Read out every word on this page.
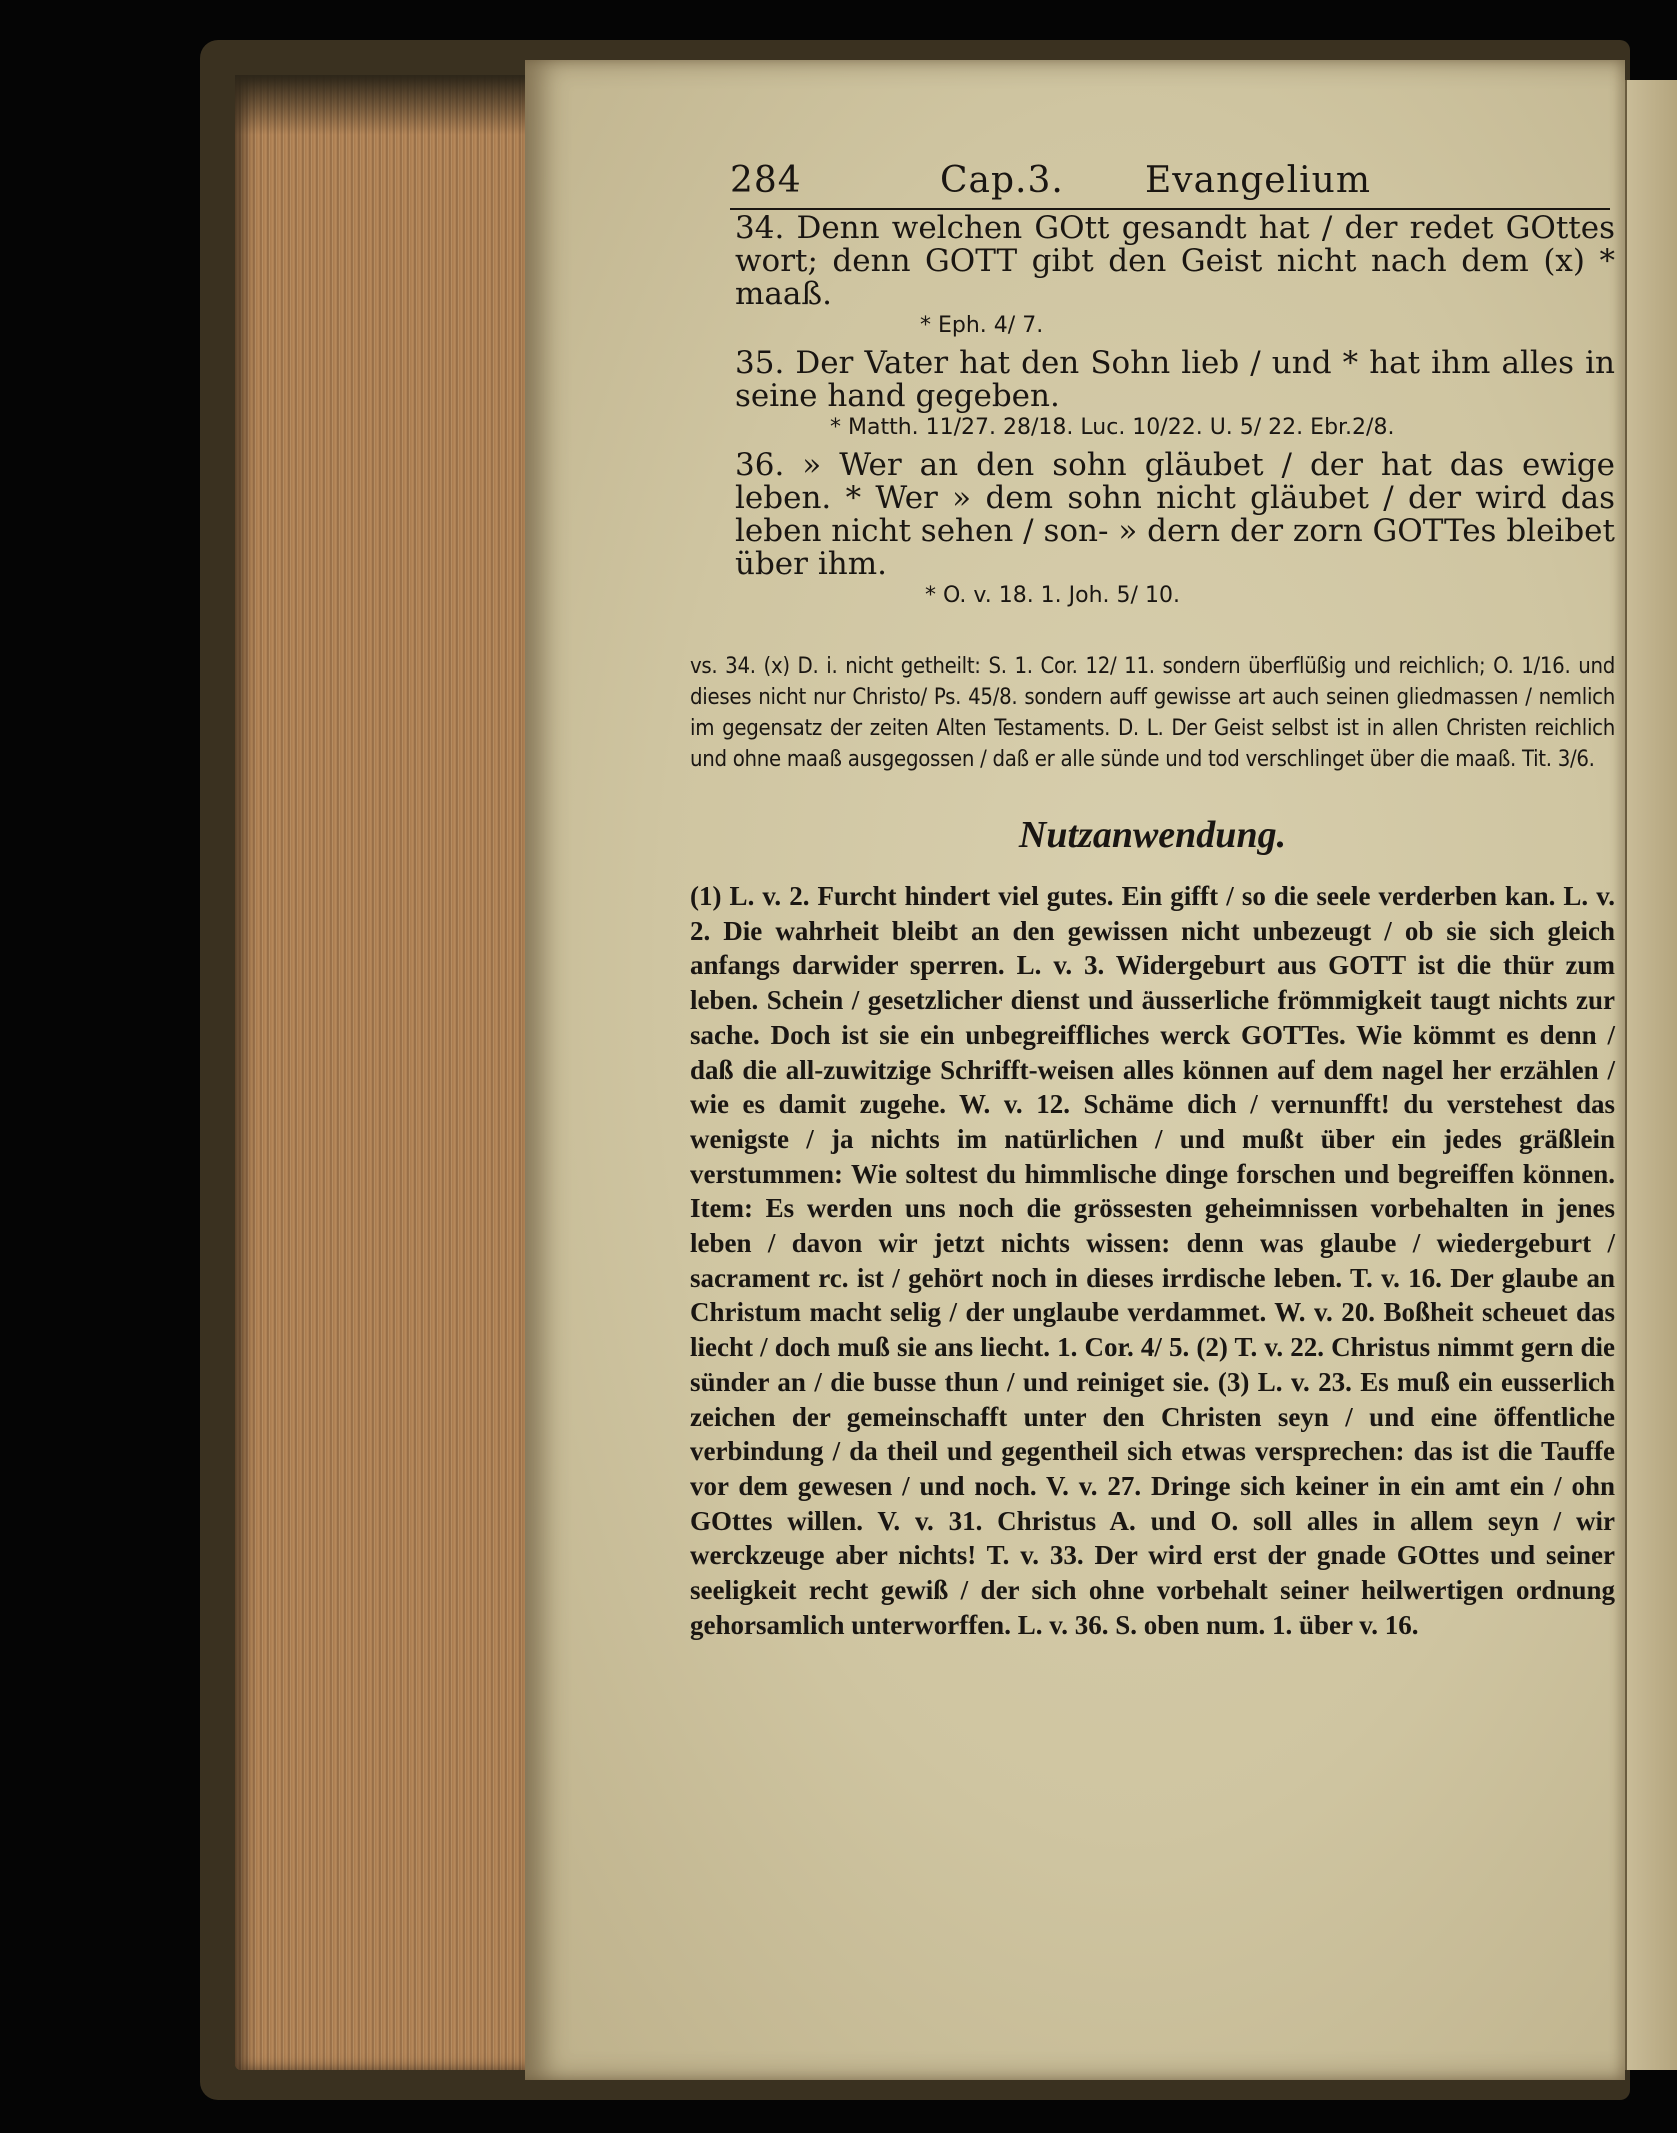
284	Cap.3. Evangelium

34. Denn welchen GOtt gesandt hat / der redet GOttes wort; denn GOTT gibt den Geist nicht nach dem (x) * maaß.

* Eph. 4/ 7.

35. Der Vater hat den Sohn lieb / und * hat ihm alles in seine hand gegeben.

* Matth. 11/27. 28/18. Luc. 10/22. U. 5/ 22. Ebr.2/8.

36. » Wer an den sohn gläubet / der hat das ewige leben. * Wer » dem sohn nicht gläubet / der wird das leben nicht sehen / son- » dern der zorn GOTTes bleibet über ihm.

* O. v. 18. 1. Joh. 5/ 10.

vs. 34. (x) D. i. nicht getheilt: S. 1. Cor. 12/ 11. sondern überflüßig und reichlich; O. 1/16. und dieses nicht nur Christo/ Ps. 45/8. sondern auff gewisse art auch seinen gliedmassen / nemlich im gegensatz der zeiten Alten Testaments. D. L. Der Geist selbst ist in allen Christen reichlich und ohne maaß ausgegossen / daß er alle sünde und tod verschlinget über die maaß. Tit. 3/6.
Nutzanwendung.
(1) L. v. 2. Furcht hindert viel gutes. Ein gifft / so die seele verderben kan. L. v. 2. Die wahrheit bleibt an den gewissen nicht unbezeugt / ob sie sich gleich anfangs darwider sperren. L. v. 3. Widergeburt aus GOTT ist die thür zum leben. Schein / gesetzlicher dienst und äusserliche frömmigkeit taugt nichts zur sache. Doch ist sie ein unbegreiffliches werck GOTTes. Wie kömmt es denn / daß die all-zuwitzige Schrifft-weisen alles können auf dem nagel her erzählen / wie es damit zugehe. W. v. 12. Schäme dich / vernunfft! du verstehest das wenigste / ja nichts im natürlichen / und mußt über ein jedes gräßlein verstummen: Wie soltest du himmlische dinge forschen und begreiffen können. Item: Es werden uns noch die grössesten geheimnissen vorbehalten in jenes leben / davon wir jetzt nichts wissen: denn was glaube / wiedergeburt / sacrament rc. ist / gehört noch in dieses irrdische leben. T. v. 16. Der glaube an Christum macht selig / der unglaube verdammet. W. v. 20. Boßheit scheuet das liecht / doch muß sie ans liecht. 1. Cor. 4/ 5. (2) T. v. 22. Christus nimmt gern die sünder an / die busse thun / und reiniget sie. (3) L. v. 23. Es muß ein eusserlich zeichen der gemeinschafft unter den Christen seyn / und eine öffentliche verbindung / da theil und gegentheil sich etwas versprechen: das ist die Tauffe vor dem gewesen / und noch. V. v. 27. Dringe sich keiner in ein amt ein / ohn GOttes willen. V. v. 31. Christus A. und O. soll alles in allem seyn / wir werckzeuge aber nichts! T. v. 33. Der wird erst der gnade GOttes und seiner seeligkeit recht gewiß / der sich ohne vorbehalt seiner heilwertigen ordnung gehorsamlich unterworffen. L. v. 36. S. oben num. 1. über v. 16.
